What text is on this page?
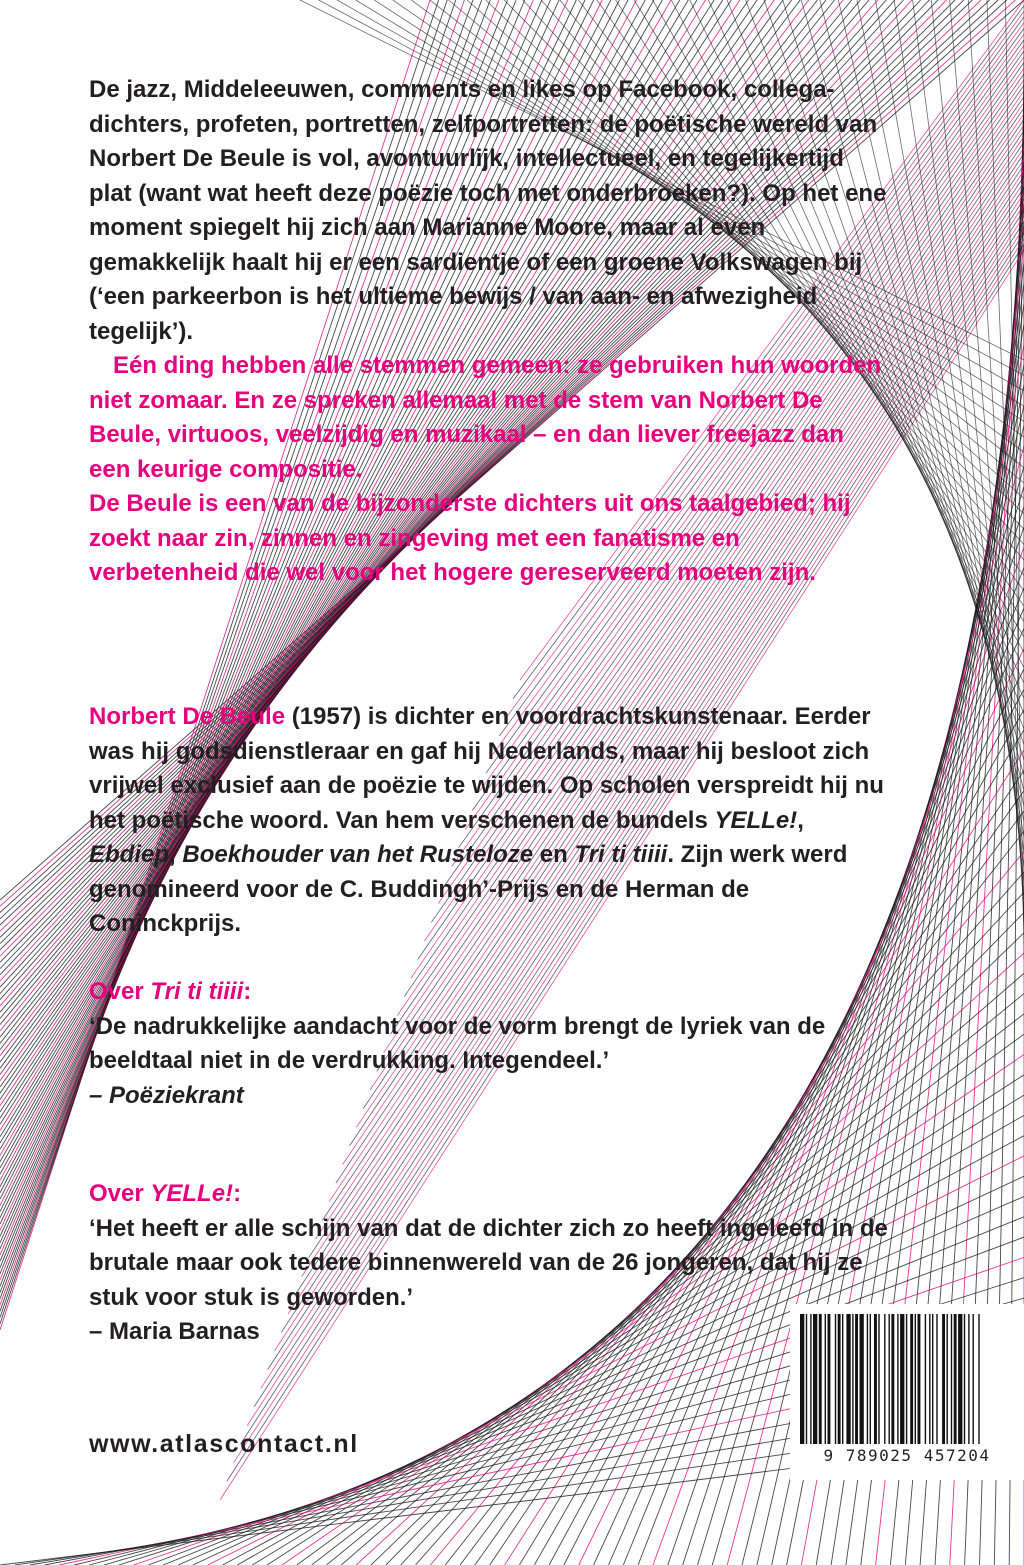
De jazz, Middeleeuwen, comments en likes op Facebook, collega-dichters, profeten, portretten, zelfportretten: de poëtische wereld van Norbert De Beule is vol, avontuurlijk, intellectueel, en tegelijkertijd plat (want wat heeft deze poëzie toch met onderbroeken?). Op het ene moment spiegelt hij zich aan Marianne Moore, maar al even gemakkelijk haalt hij er een sardientje of een groene Volkswagen bij (‘een parkeerbon is het ultieme bewijs / van aan- en afwezigheid tegelijk’).

Eén ding hebben alle stemmen gemeen: ze gebruiken hun woorden niet zomaar. En ze spreken allemaal met de stem van Norbert De Beule, virtuoos, veelzijdig en muzikaal – en dan liever freejazz dan een keurige compositie.

De Beule is een van de bijzonderste dichters uit ons taalgebied; hij zoekt naar zin, zinnen en zingeving met een fanatisme en verbetenheid die wel voor het hogere gereserveerd moeten zijn.

Norbert De Beule (1957) is dichter en voordrachtskunstenaar. Eerder was hij godsdienstleraar en gaf hij Nederlands, maar hij besloot zich vrijwel exclusief aan de poëzie te wijden. Op scholen verspreidt hij nu het poëtische woord. Van hem verschenen de bundels YELLe!, Ebdiep, Boekhouder van het Rusteloze en Tri ti tiiii. Zijn werk werd genomineerd voor de C. Buddingh’-Prijs en de Herman de Coninckprijs.

Over Tri ti tiiii:

‘De nadrukkelijke aandacht voor de vorm brengt de lyriek van de beeldtaal niet in de verdrukking. Integendeel.’

– Poëziekrant

Over YELLe!:

‘Het heeft er alle schijn van dat de dichter zich zo heeft ingeleefd in de brutale maar ook tedere binnenwereld van de 26 jongeren, dat hij ze stuk voor stuk is geworden.’

– Maria Barnas

www.atlascontact.nl	9 789025 457204
